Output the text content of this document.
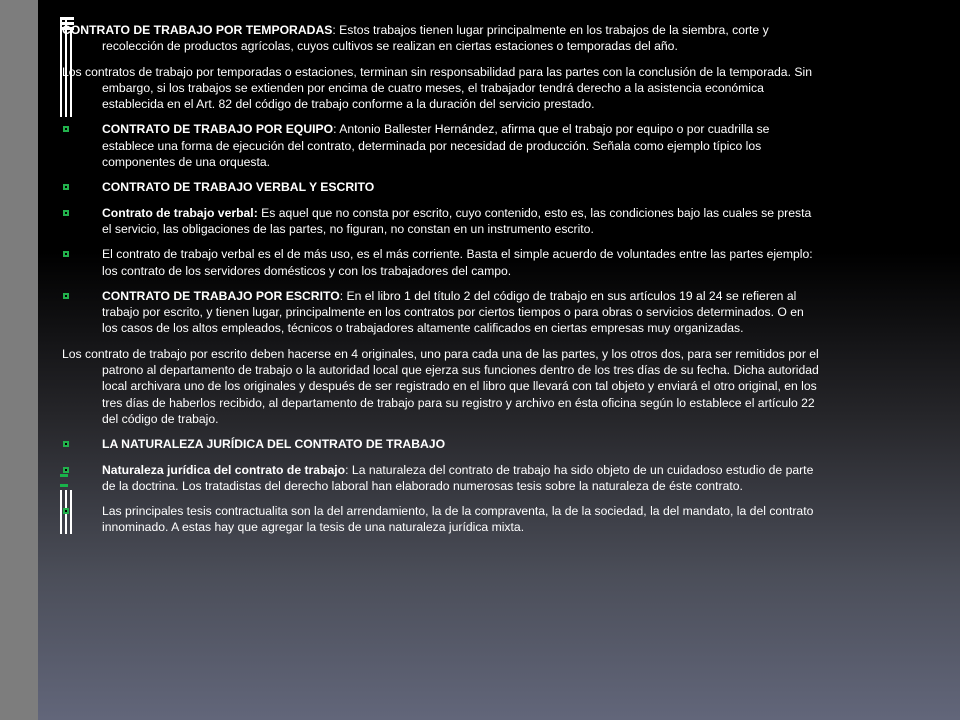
CONTRATO DE TRABAJO POR TEMPORADAS: Estos trabajos tienen lugar principalmente en los trabajos de la siembra, corte y recolección de productos agrícolas, cuyos cultivos se realizan en ciertas estaciones o temporadas del año.
Los contratos de trabajo por temporadas o estaciones, terminan sin responsabilidad para las partes con la conclusión de la temporada. Sin embargo, si los trabajos se extienden por encima de cuatro meses, el trabajador tendrá derecho a la asistencia económica establecida en el Art. 82 del código de trabajo conforme a la duración del servicio prestado.
CONTRATO DE TRABAJO POR EQUIPO: Antonio Ballester Hernández, afirma que el trabajo por equipo o por cuadrilla se establece una forma de ejecución del contrato, determinada por necesidad de producción. Señala como ejemplo típico los componentes de una orquesta.
CONTRATO DE TRABAJO VERBAL Y ESCRITO
Contrato de trabajo verbal: Es aquel que no consta por escrito, cuyo contenido, esto es, las condiciones bajo las cuales se presta el servicio, las obligaciones de las partes, no figuran, no constan en un instrumento escrito.
El contrato de trabajo verbal es el de más uso, es el más corriente. Basta el simple acuerdo de voluntades entre las partes ejemplo: los contrato de los servidores domésticos y con los trabajadores del campo.
CONTRATO DE TRABAJO POR ESCRITO: En el libro 1 del título 2 del código de trabajo en sus artículos 19 al 24 se refieren al trabajo por escrito, y tienen lugar, principalmente en los contratos por ciertos tiempos o para obras o servicios determinados. O en los casos de los altos empleados, técnicos o trabajadores altamente calificados en ciertas empresas muy organizadas.
Los contrato de trabajo por escrito deben hacerse en 4 originales, uno para cada una de las partes, y los otros dos, para ser remitidos por el patrono al departamento de trabajo o la autoridad local que ejerza sus funciones dentro de los tres días de su fecha. Dicha autoridad local archivara uno de los originales y después de ser registrado en el libro que llevará con tal objeto y enviará el otro original, en los tres días de haberlos recibido, al departamento de trabajo para su registro y archivo en ésta oficina según lo establece el artículo 22 del código de trabajo.
LA NATURALEZA JURÍDICA DEL CONTRATO DE TRABAJO
Naturaleza jurídica del contrato de trabajo: La naturaleza del contrato de trabajo ha sido objeto de un cuidadoso estudio de parte de la doctrina. Los tratadistas del derecho laboral han elaborado numerosas tesis sobre la naturaleza de éste contrato.
Las principales tesis contractualita son la del arrendamiento, la de la compraventa, la de la sociedad, la del mandato, la del contrato innominado. A estas hay que agregar la tesis de una naturaleza jurídica mixta.
